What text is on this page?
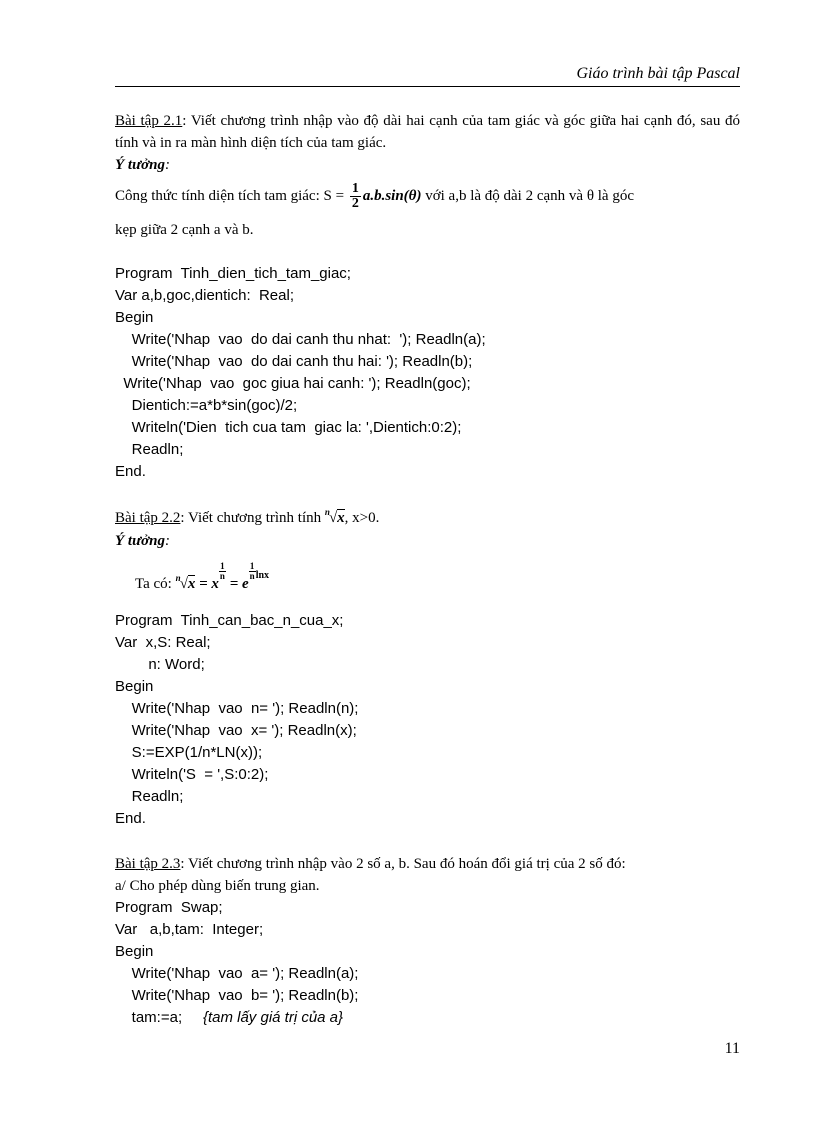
Giáo trình bài tập Pascal

Bài tập 2.1: Viết chương trình nhập vào độ dài hai cạnh của tam giác và góc giữa hai cạnh đó, sau đó tính và in ra màn hình diện tích của tam giác.

Ý tưởng:

Công thức tính diện tích tam giác: $S = \frac{1}{2} a.b.\sin(\theta)$ với a,b là độ dài 2 cạnh và θ là góc

kẹp giữa 2 cạnh a và b.

Program  Tinh_dien_tich_tam_giac;
Var a,b,goc,dientich:  Real;
Begin
Write('Nhap  vao  do dai canh thu nhat:  '); Readln(a);
Write('Nhap  vao  do dai canh thu hai: '); Readln(b);
Write('Nhap  vao  goc giua hai canh: '); Readln(goc);
Dientich:=a*b*sin(goc)/2;
Writeln('Dien  tich cua tam  giac la: ',Dientich:0:2);
Readln;
End.

Bài tập 2.2: Viết chương trình tính $^n$√x, x>0.

Ý tưởng:

Ta có: $^n$√x = x
$\frac{1}{n}$
= e
$\frac{1}{n} ^{lnx}$

Program  Tinh_can_bac_n_cua_x;
Var  x,S: Real;
n: Word;
Begin
Write('Nhap  vao  n= '); Readln(n);
Write('Nhap  vao  x= '); Readln(x);
S:=EXP(1/n*LN(x));
Writeln('S  = ',S:0:2);
Readln;
End.

Bài tập 2.3: Viết chương trình nhập vào 2 số a, b. Sau đó hoán đổi giá trị của 2 số đó:

a/ Cho phép dùng biến trung gian.

Program  Swap;
Var   a,b,tam:  Integer;
Begin
Write('Nhap  vao  a= '); Readln(a);
Write('Nhap  vao  b= '); Readln(b);
tam:=a;     {tam lấy giá trị của a}
11
